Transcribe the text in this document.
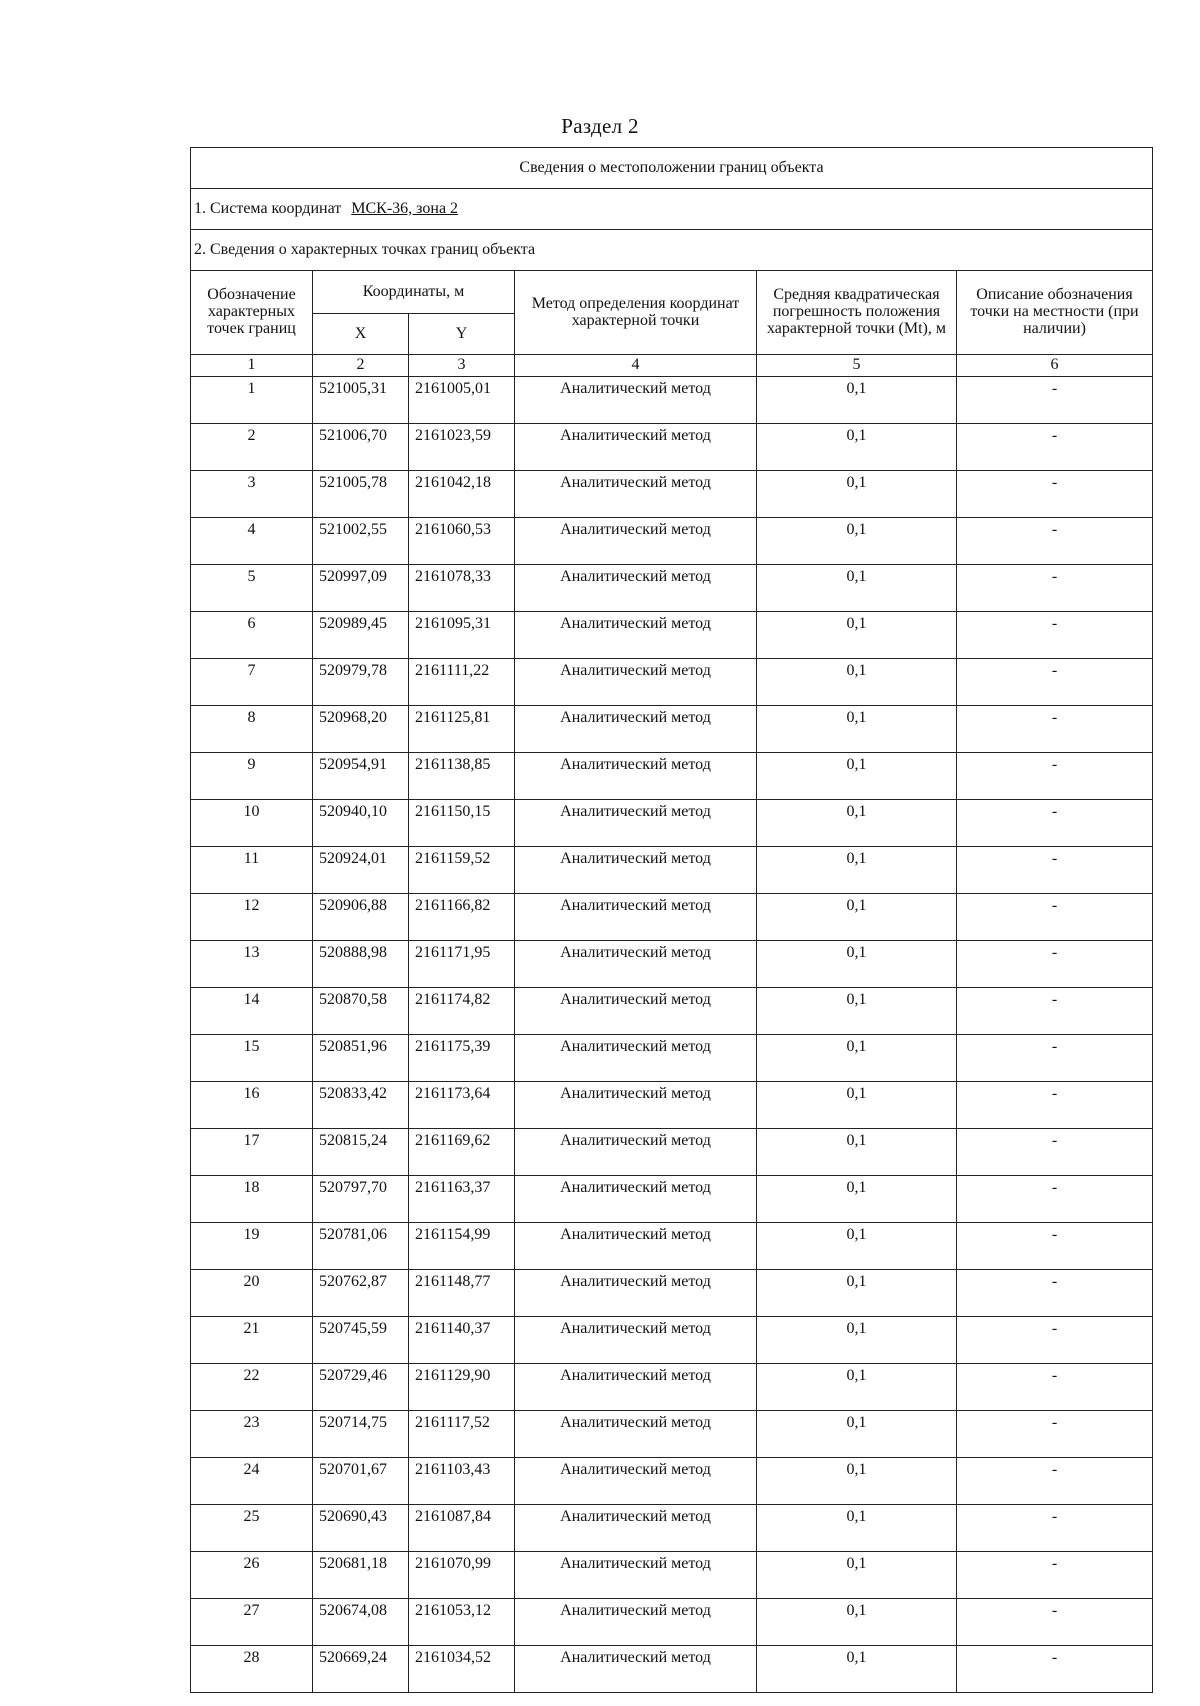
Раздел 2
Сведения о местоположении границ объекта					
1. Система координат МСК-36, зона 2					
2. Сведения о характерных точках границ объекта					
Обозначение характерных точек границ	Координаты, м		Метод определения координат характерной точки	Средняя квадратическая погрешность положения характерной точки (Mt), м	Описание обозначения точки на местности (при наличии)
	X	Y			
1	2	3	4	5	6
1	521005,31	2161005,01	Аналитический метод	0,1	-
2	521006,70	2161023,59	Аналитический метод	0,1	-
3	521005,78	2161042,18	Аналитический метод	0,1	-
4	521002,55	2161060,53	Аналитический метод	0,1	-
5	520997,09	2161078,33	Аналитический метод	0,1	-
6	520989,45	2161095,31	Аналитический метод	0,1	-
7	520979,78	2161111,22	Аналитический метод	0,1	-
8	520968,20	2161125,81	Аналитический метод	0,1	-
9	520954,91	2161138,85	Аналитический метод	0,1	-
10	520940,10	2161150,15	Аналитический метод	0,1	-
11	520924,01	2161159,52	Аналитический метод	0,1	-
12	520906,88	2161166,82	Аналитический метод	0,1	-
13	520888,98	2161171,95	Аналитический метод	0,1	-
14	520870,58	2161174,82	Аналитический метод	0,1	-
15	520851,96	2161175,39	Аналитический метод	0,1	-
16	520833,42	2161173,64	Аналитический метод	0,1	-
17	520815,24	2161169,62	Аналитический метод	0,1	-
18	520797,70	2161163,37	Аналитический метод	0,1	-
19	520781,06	2161154,99	Аналитический метод	0,1	-
20	520762,87	2161148,77	Аналитический метод	0,1	-
21	520745,59	2161140,37	Аналитический метод	0,1	-
22	520729,46	2161129,90	Аналитический метод	0,1	-
23	520714,75	2161117,52	Аналитический метод	0,1	-
24	520701,67	2161103,43	Аналитический метод	0,1	-
25	520690,43	2161087,84	Аналитический метод	0,1	-
26	520681,18	2161070,99	Аналитический метод	0,1	-
27	520674,08	2161053,12	Аналитический метод	0,1	-
28	520669,24	2161034,52	Аналитический метод	0,1	-
